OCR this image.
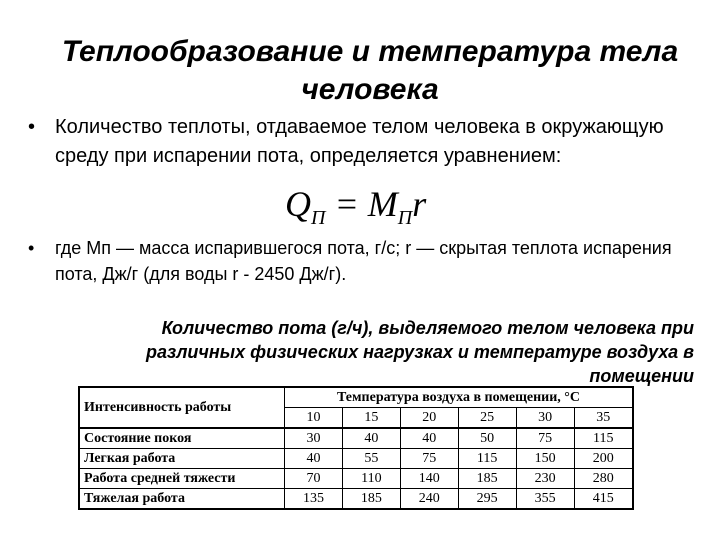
Теплообразование и температура тела человека
• Количество теплоты, отдаваемое телом человека в окружающую среду при испарении пота, определяется уравнением:
$Q_П = M_Пr$
• где Мп — масса испарившегося пота, г/с; r — скрытая теплота испарения пота, Дж/г (для воды r - 2450 Дж/г).
Количество пота (г/ч), выделяемого телом человека при различных физических нагрузках и температуре воздуха в помещении
Интенсивность работы	Температура воздуха в помещении, °С					
	10	15	20	25	30	35
Состояние покоя	30	40	40	50	75	115
Легкая работа	40	55	75	115	150	200
Работа средней тяжести	70	110	140	185	230	280
Тяжелая работа	135	185	240	295	355	415
